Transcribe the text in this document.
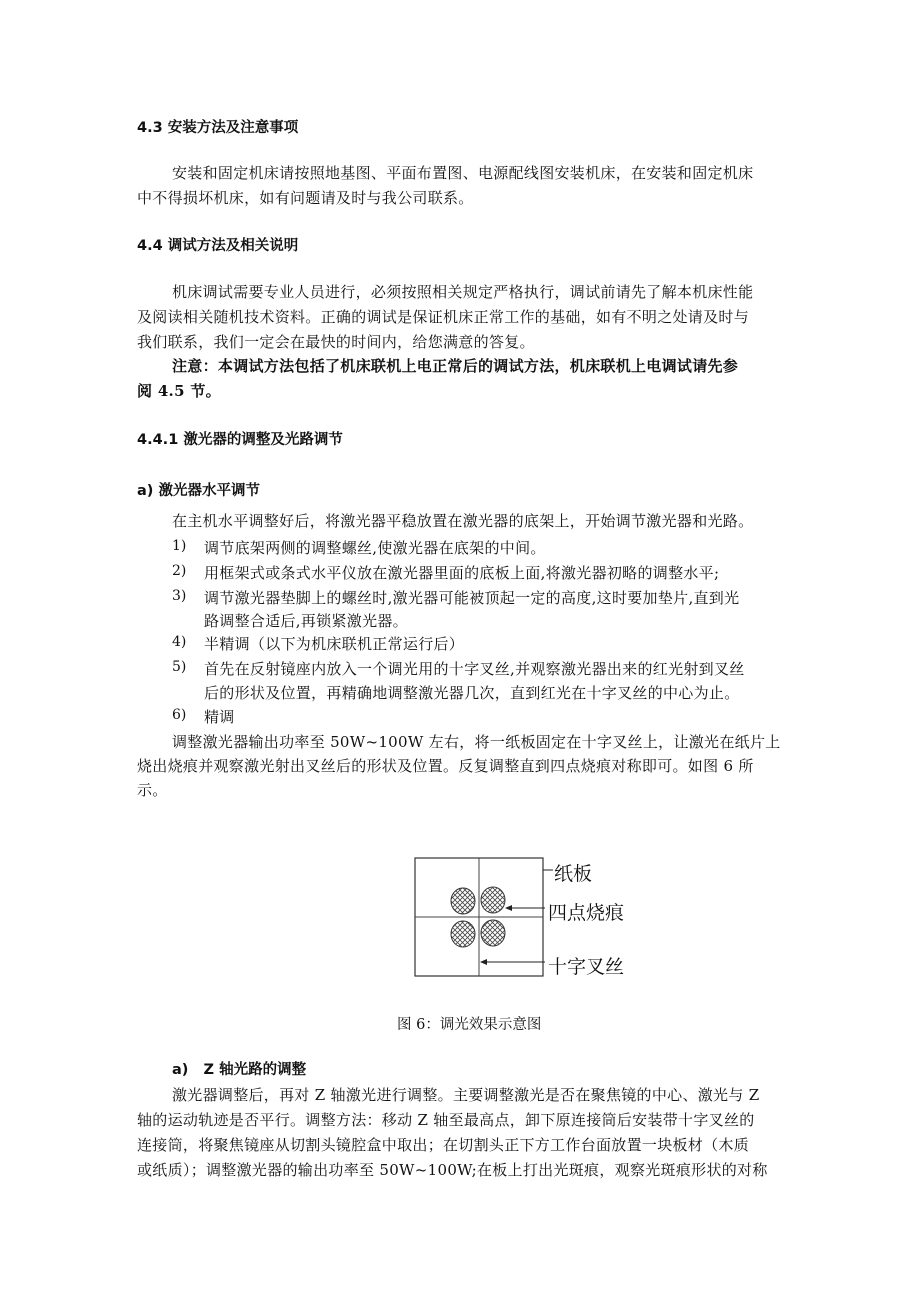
4.3 安装方法及注意事项
安装和固定机床请按照地基图、平面布置图、电源配线图安装机床，在安装和固定机床
中不得损坏机床，如有问题请及时与我公司联系。
4.4 调试方法及相关说明
机床调试需要专业人员进行，必须按照相关规定严格执行，调试前请先了解本机床性能
及阅读相关随机技术资料。正确的调试是保证机床正常工作的基础，如有不明之处请及时与
我们联系，我们一定会在最快的时间内，给您满意的答复。
注意：本调试方法包括了机床联机上电正常后的调试方法，机床联机上电调试请先参
阅 4.5 节。
4.4.1 激光器的调整及光路调节
a) 激光器水平调节
在主机水平调整好后，将激光器平稳放置在激光器的底架上，开始调节激光器和光路。
1) 调节底架两侧的调整螺丝,使激光器在底架的中间。
2) 用框架式或条式水平仪放在激光器里面的底板上面,将激光器初略的调整水平;
3) 调节激光器垫脚上的螺丝时,激光器可能被顶起一定的高度,这时要加垫片,直到光
路调整合适后,再锁紧激光器。
4) 半精调（以下为机床联机正常运行后）
5) 首先在反射镜座内放入一个调光用的十字叉丝,并观察激光器出来的红光射到叉丝
后的形状及位置，再精确地调整激光器几次，直到红光在十字叉丝的中心为止。
6) 精调
调整激光器输出功率至 50W~100W 左右，将一纸板固定在十字叉丝上，让激光在纸片上
烧出烧痕并观察激光射出叉丝后的形状及位置。反复调整直到四点烧痕对称即可。如图 6 所
示。
纸板
四点烧痕
十字叉丝
图 6：调光效果示意图
a)   Z 轴光路的调整
激光器调整后，再对 Z 轴激光进行调整。主要调整激光是否在聚焦镜的中心、激光与 Z
轴的运动轨迹是否平行。调整方法：移动 Z 轴至最高点，卸下原连接筒后安装带十字叉丝的
连接筒，将聚焦镜座从切割头镜腔盒中取出；在切割头正下方工作台面放置一块板材（木质
或纸质）；调整激光器的输出功率至 50W~100W;在板上打出光斑痕，观察光斑痕形状的对称
